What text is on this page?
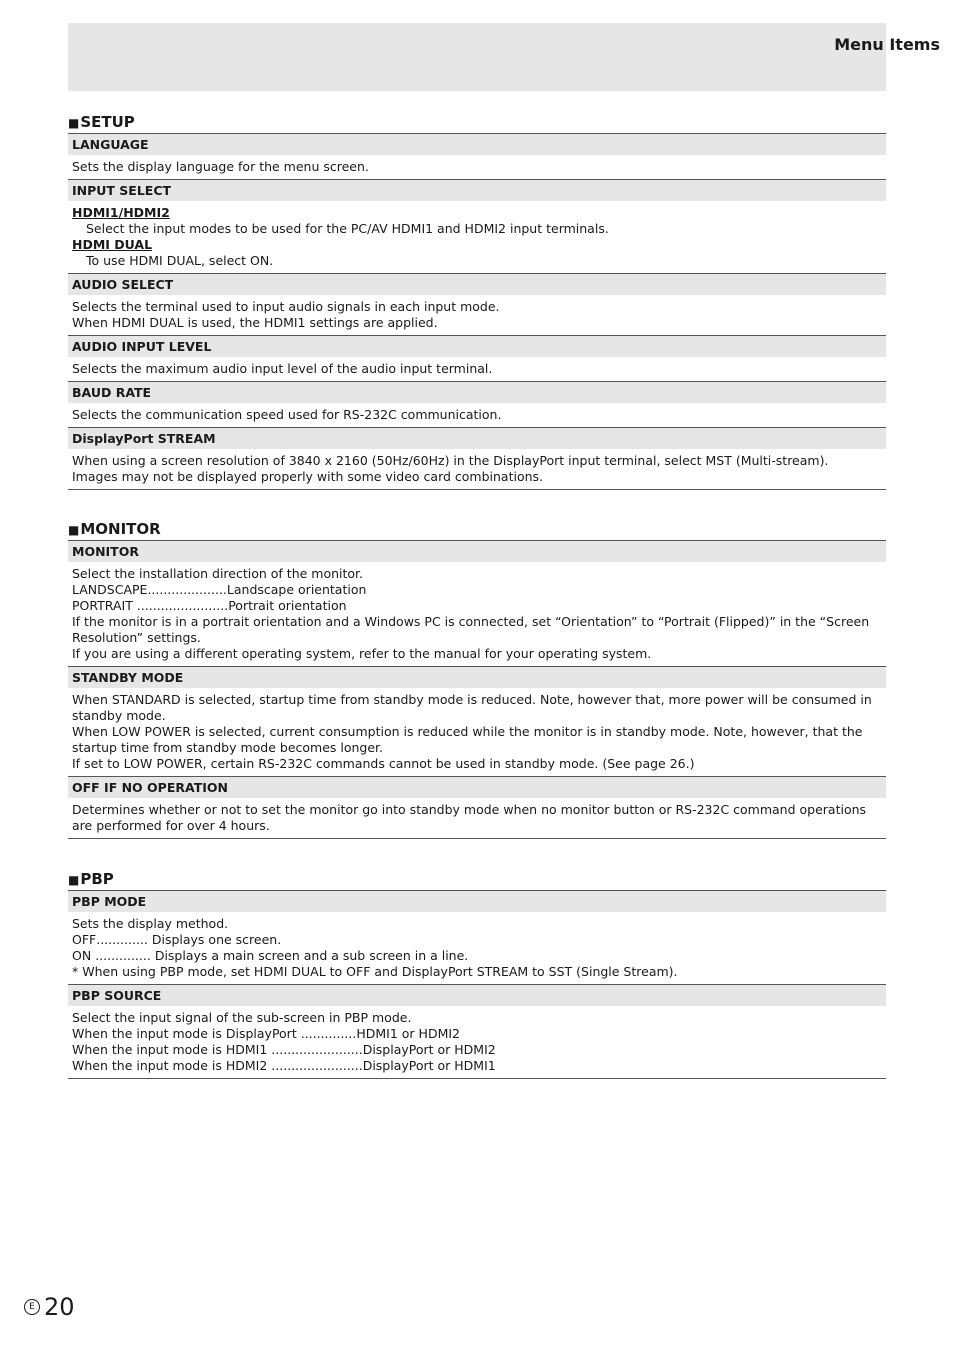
Menu Items
■SETUP
LANGUAGE
Sets the display language for the menu screen.
INPUT SELECT
HDMI1/HDMI2
Select the input modes to be used for the PC/AV HDMI1 and HDMI2 input terminals.
HDMI DUAL
To use HDMI DUAL, select ON.
AUDIO SELECT
Selects the terminal used to input audio signals in each input mode.
When HDMI DUAL is used, the HDMI1 settings are applied.
AUDIO INPUT LEVEL
Selects the maximum audio input level of the audio input terminal.
BAUD RATE
Selects the communication speed used for RS-232C communication.
DisplayPort STREAM
When using a screen resolution of 3840 x 2160 (50Hz/60Hz) in the DisplayPort input terminal, select MST (Multi-stream).
Images may not be displayed properly with some video card combinations.
■MONITOR
MONITOR
Select the installation direction of the monitor.
LANDSCAPE....................Landscape orientation
PORTRAIT .......................Portrait orientation
If the monitor is in a portrait orientation and a Windows PC is connected, set “Orientation” to “Portrait (Flipped)” in the “Screen Resolution” settings.
If you are using a different operating system, refer to the manual for your operating system.
STANDBY MODE
When STANDARD is selected, startup time from standby mode is reduced. Note, however that, more power will be consumed in standby mode.
When LOW POWER is selected, current consumption is reduced while the monitor is in standby mode. Note, however, that the startup time from standby mode becomes longer.
If set to LOW POWER, certain RS-232C commands cannot be used in standby mode. (See page 26.)
OFF IF NO OPERATION
Determines whether or not to set the monitor go into standby mode when no monitor button or RS-232C command operations are performed for over 4 hours.
■PBP
PBP MODE
Sets the display method.
OFF............. Displays one screen.
ON .............. Displays a main screen and a sub screen in a line.
* When using PBP mode, set HDMI DUAL to OFF and DisplayPort STREAM to SST (Single Stream).
PBP SOURCE
Select the input signal of the sub-screen in PBP mode.
When the input mode is DisplayPort ..............HDMI1 or HDMI2
When the input mode is HDMI1 .......................DisplayPort or HDMI2
When the input mode is HDMI2 .......................DisplayPort or HDMI1
E 20
